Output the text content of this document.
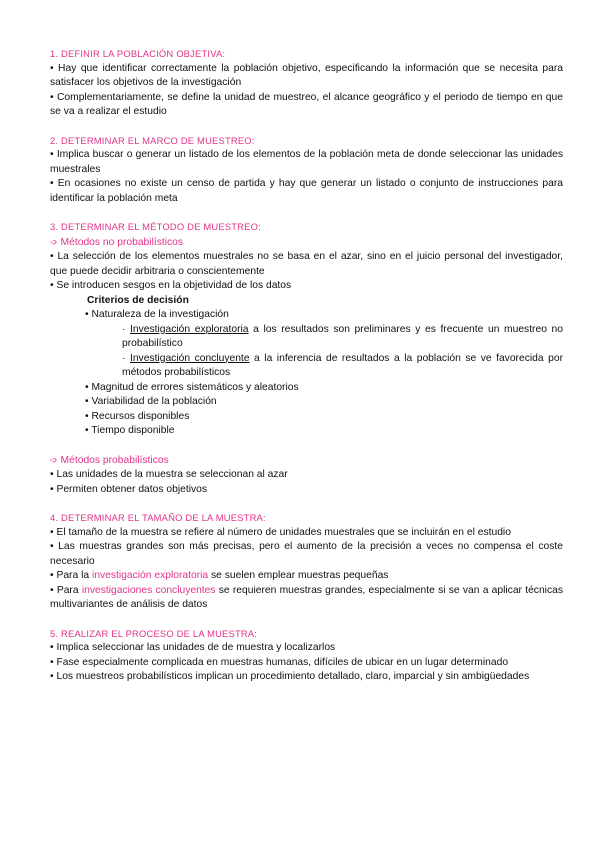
1. DEFINIR LA POBLACIÓN OBJETIVA:
• Hay que identificar correctamente la población objetivo, especificando la información que se necesita para satisfacer los objetivos de la investigación
• Complementariamente, se define la unidad de muestreo, el alcance geográfico y el periodo de tiempo en que se va a realizar el estudio
2. DETERMINAR EL MARCO DE MUESTREO:
• Implica buscar o generar un listado de los elementos de la población meta de donde seleccionar las unidades muestrales
• En ocasiones no existe un censo de partida y hay que generar un listado o conjunto de instrucciones para identificar la población meta
3. DETERMINAR EL MÉTODO DE MUESTREO:
➩ Métodos no probabilísticos
• La selección de los elementos muestrales no se basa en el azar, sino en el juicio personal del investigador, que puede decidir arbitraria o conscientemente
• Se introducen sesgos en la objetividad de los datos
Criterios de decisión
• Naturaleza de la investigación
· Investigación exploratoria a los resultados son preliminares y es frecuente un muestreo no probabilístico
· Investigación concluyente a la inferencia de resultados a la población se ve favorecida por métodos probabilísticos
• Magnitud de errores sistemáticos y aleatorios
• Variabilidad de la población
• Recursos disponibles
• Tiempo disponible
➩ Métodos probabilísticos
• Las unidades de la muestra se seleccionan al azar
• Permiten obtener datos objetivos
4. DETERMINAR EL TAMAÑO DE LA MUESTRA:
• El tamaño de la muestra se refiere al número de unidades muestrales que se incluirán en el estudio
• Las muestras grandes son más precisas, pero el aumento de la precisión a veces no compensa el coste necesario
• Para la investigación exploratoria se suelen emplear muestras pequeñas
• Para investigaciones concluyentes se requieren muestras grandes, especialmente si se van a aplicar técnicas multivariantes de análisis de datos
5. REALIZAR EL PROCESO DE LA MUESTRA:
• Implica seleccionar las unidades de de muestra y localizarlos
• Fase especialmente complicada en muestras humanas, difíciles de ubicar en un lugar determinado
• Los muestreos probabilísticos implican un procedimiento detallado, claro, imparcial y sin ambigüedades
